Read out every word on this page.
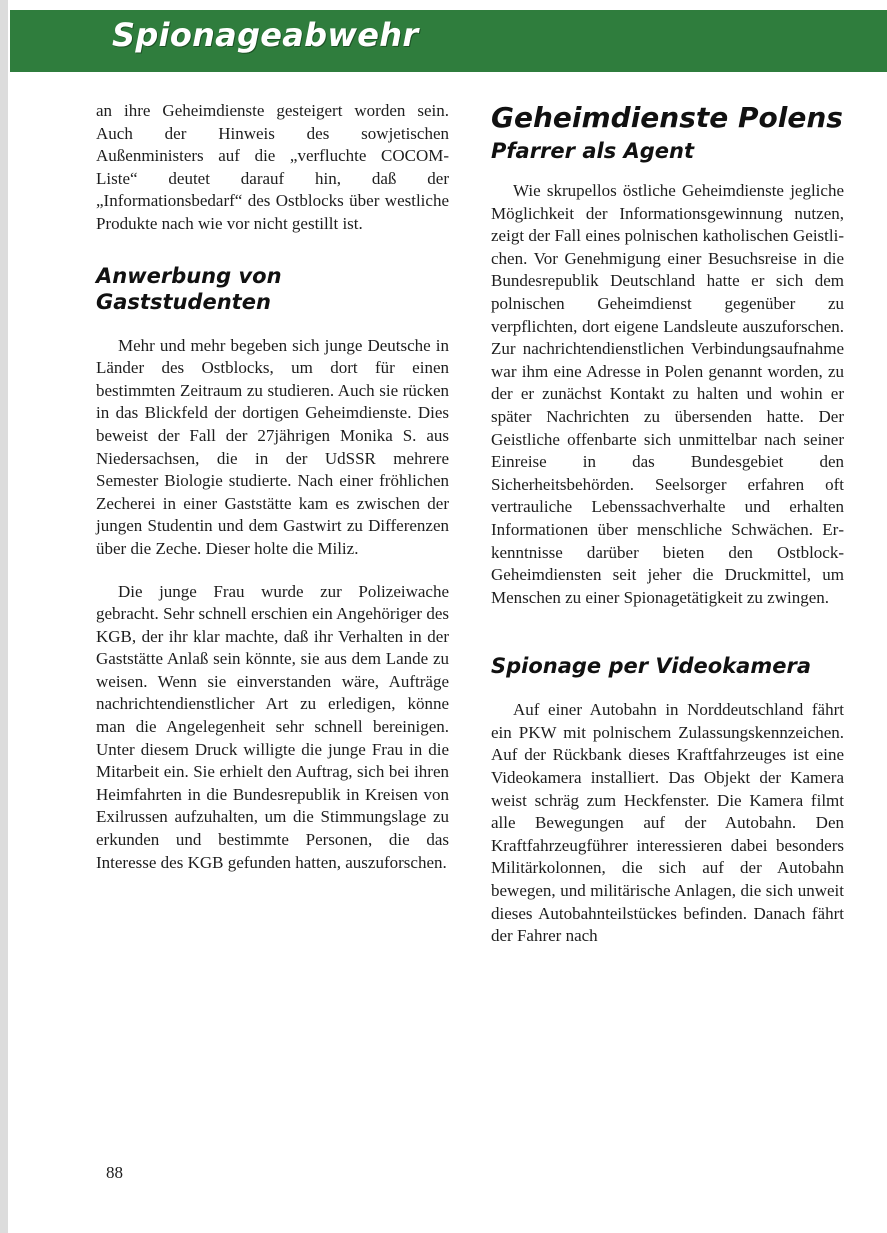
Spionageabwehr

an ihre Geheimdienste gesteigert worden sein. Auch der Hinweis des sowjetischen Außenministers auf die „verfluchte COCOM-Liste“ deutet darauf hin, daß der „Informationsbedarf“ des Ostblocks über westliche Produkte nach wie vor nicht gestillt ist.

Anwerbung von Gaststudenten

Mehr und mehr begeben sich junge Deutsche in Länder des Ostblocks, um dort für einen bestimmten Zeitraum zu studieren. Auch sie rücken in das Blickfeld der dortigen Geheimdienste. Dies beweist der Fall der 27jährigen Monika S. aus Niedersachsen, die in der UdSSR mehrere Semester Biologie studierte. Nach einer fröhlichen Zecherei in einer Gaststätte kam es zwischen der jungen Studentin und dem Gastwirt zu Differenzen über die Zeche. Dieser holte die Miliz.

Die junge Frau wurde zur Polizeiwache gebracht. Sehr schnell erschien ein Angehöriger des KGB, der ihr klar machte, daß ihr Verhalten in der Gaststätte Anlaß sein könnte, sie aus dem Lande zu weisen. Wenn sie einverstanden wäre, Aufträge nachrichtendienstlicher Art zu erledigen, könne man die Angelegenheit sehr schnell bereinigen. Unter diesem Druck willigte die junge Frau in die Mitarbeit ein. Sie erhielt den Auftrag, sich bei ihren Heimfahrten in die Bundesrepublik in Kreisen von Exilrussen aufzuhalten, um die Stimmungslage zu erkunden und bestimmte Personen, die das Interesse des KGB gefunden hatten, auszuforschen.

Geheimdienste Polens
Pfarrer als Agent

Wie skrupellos östliche Geheimdienste jegliche Möglichkeit der Informationsgewinnung nutzen, zeigt der Fall eines polnischen katholischen Geistlichen. Vor Genehmigung einer Besuchsreise in die Bundesrepublik Deutschland hatte er sich dem polnischen Geheimdienst gegenüber zu verpflichten, dort eigene Landsleute auszuforschen. Zur nachrichtendienstlichen Verbindungsaufnahme war ihm eine Adresse in Polen genannt worden, zu der er zunächst Kontakt zu halten und wohin er später Nachrichten zu übersenden hatte. Der Geistliche offenbarte sich unmittelbar nach seiner Einreise in das Bundesgebiet den Sicherheitsbehörden. Seelsorger erfahren oft vertrauliche Lebenssachverhalte und erhalten Informationen über menschliche Schwächen. Erkenntnisse darüber bieten den Ostblock-Geheimdiensten seit jeher die Druckmittel, um Menschen zu einer Spionagetätigkeit zu zwingen.

Spionage per Videokamera

Auf einer Autobahn in Norddeutschland fährt ein PKW mit polnischem Zulassungskennzeichen. Auf der Rückbank dieses Kraftfahrzeuges ist eine Videokamera installiert. Das Objekt der Kamera weist schräg zum Heckfenster. Die Kamera filmt alle Bewegungen auf der Autobahn. Den Kraftfahrzeugführer interessieren dabei besonders Militärkolonnen, die sich auf der Autobahn bewegen, und militärische Anlagen, die sich unweit dieses Autobahnteilstückes befinden. Danach fährt der Fahrer nach

88
